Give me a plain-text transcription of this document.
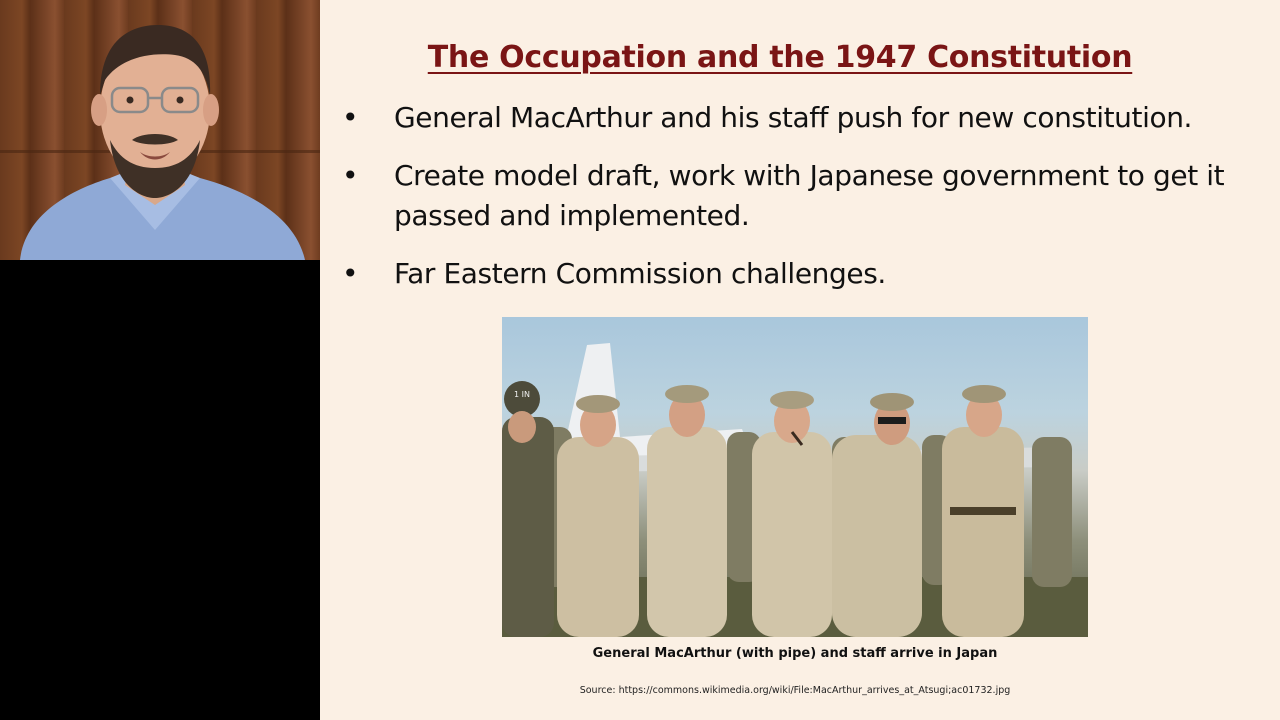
The Occupation and the 1947 Constitution
• General MacArthur and his staff push for new constitution.
• Create model draft, work with Japanese government to get it passed and implemented.
• Far Eastern Commission challenges.
1 IN
General MacArthur (with pipe) and staff arrive in Japan
Source: https://commons.wikimedia.org/wiki/File:MacArthur_arrives_at_Atsugi;ac01732.jpg
